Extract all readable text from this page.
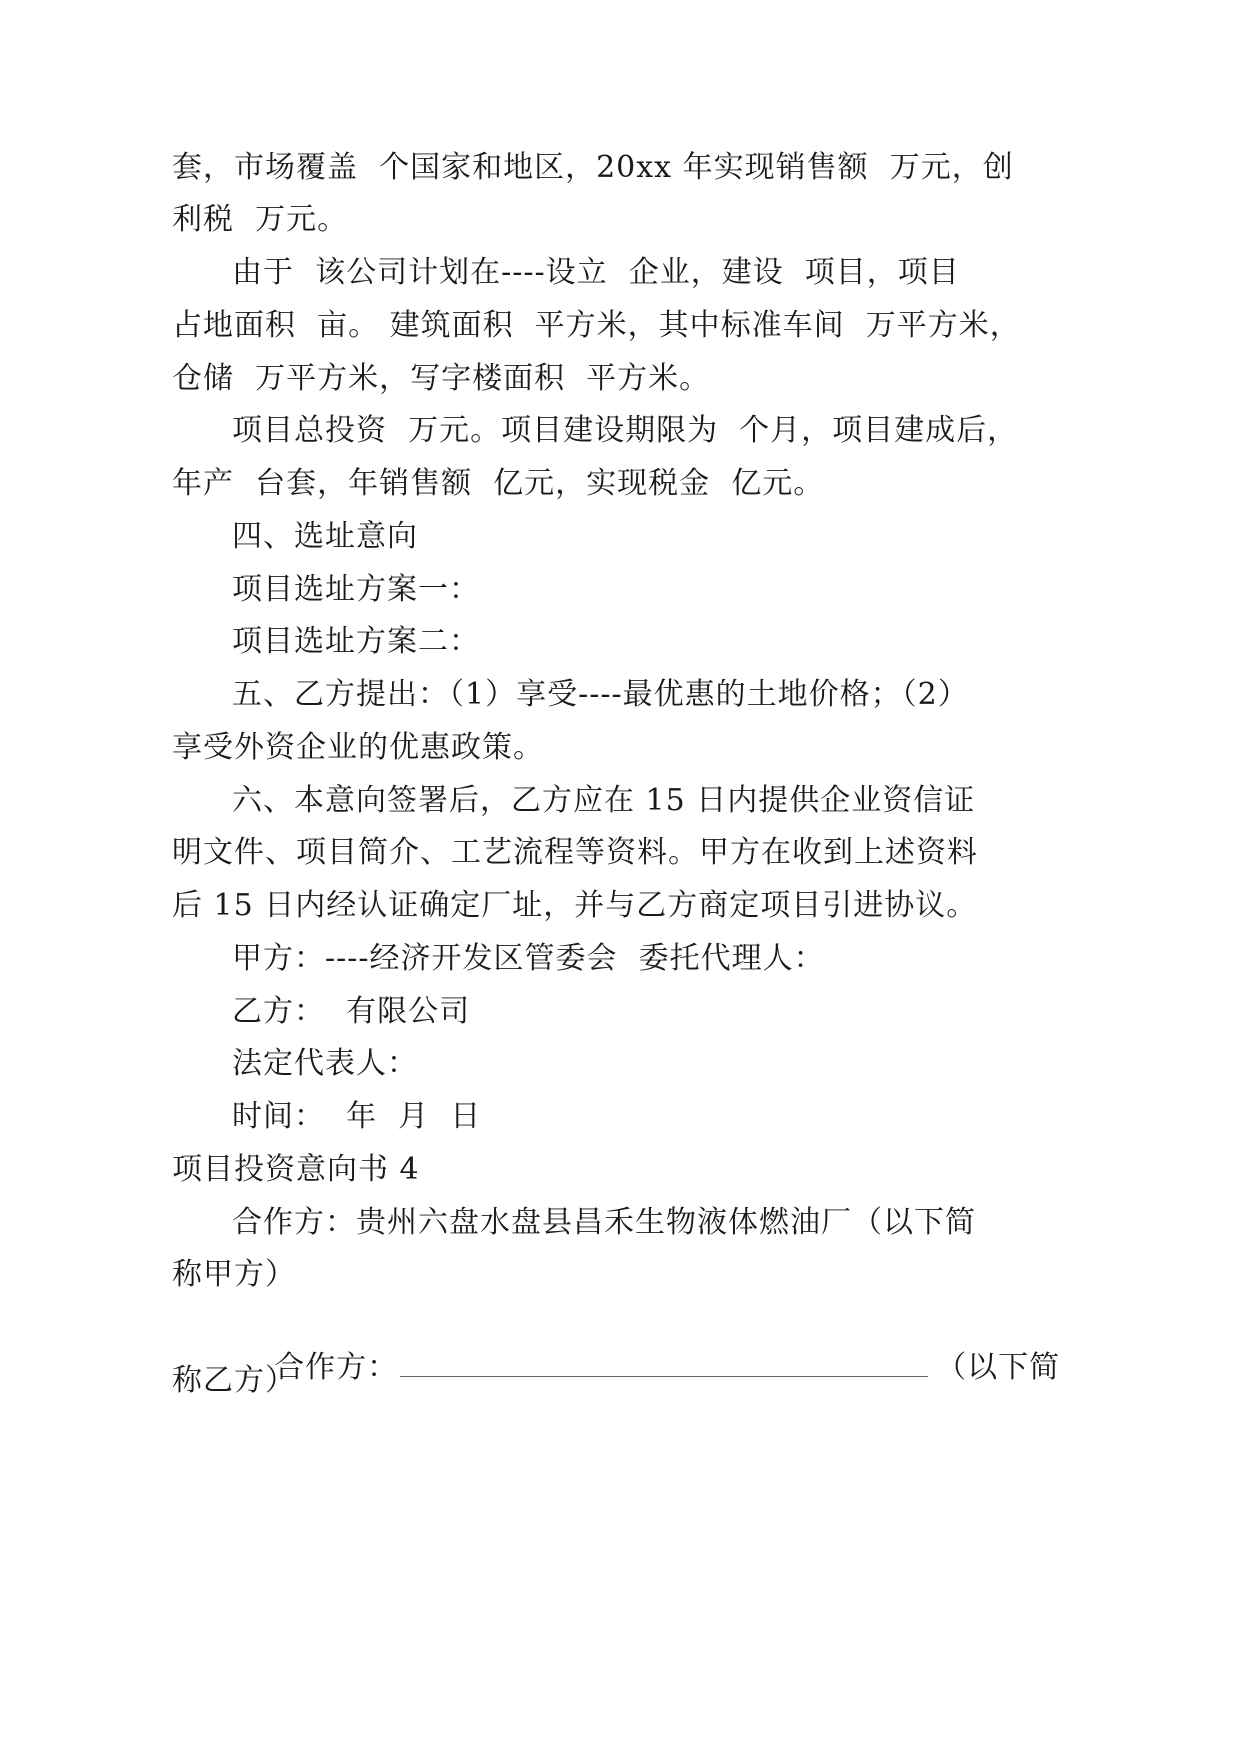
套，市场覆盖  个国家和地区，20xx 年实现销售额  万元，创
利税  万元。
由于  该公司计划在----设立  企业，建设  项目，项目
占地面积  亩。 建筑面积  平方米，其中标准车间  万平方米，
仓储  万平方米，写字楼面积  平方米。
项目总投资  万元。项目建设期限为  个月，项目建成后，
年产  台套，年销售额  亿元，实现税金  亿元。
四、选址意向
项目选址方案一：
项目选址方案二：
五、乙方提出：（1）享受----最优惠的土地价格；（2）
享受外资企业的优惠政策。
六、本意向签署后，乙方应在 15 日内提供企业资信证
明文件、项目简介、工艺流程等资料。甲方在收到上述资料
后 15 日内经认证确定厂址，并与乙方商定项目引进协议。
甲方：----经济开发区管委会  委托代理人：
乙方：  有限公司
法定代表人：
时间：  年  月  日
项目投资意向书 4
合作方：贵州六盘水盘县昌禾生物液体燃油厂（以下简
称甲方）

合作方：	（以下简

称乙方）
